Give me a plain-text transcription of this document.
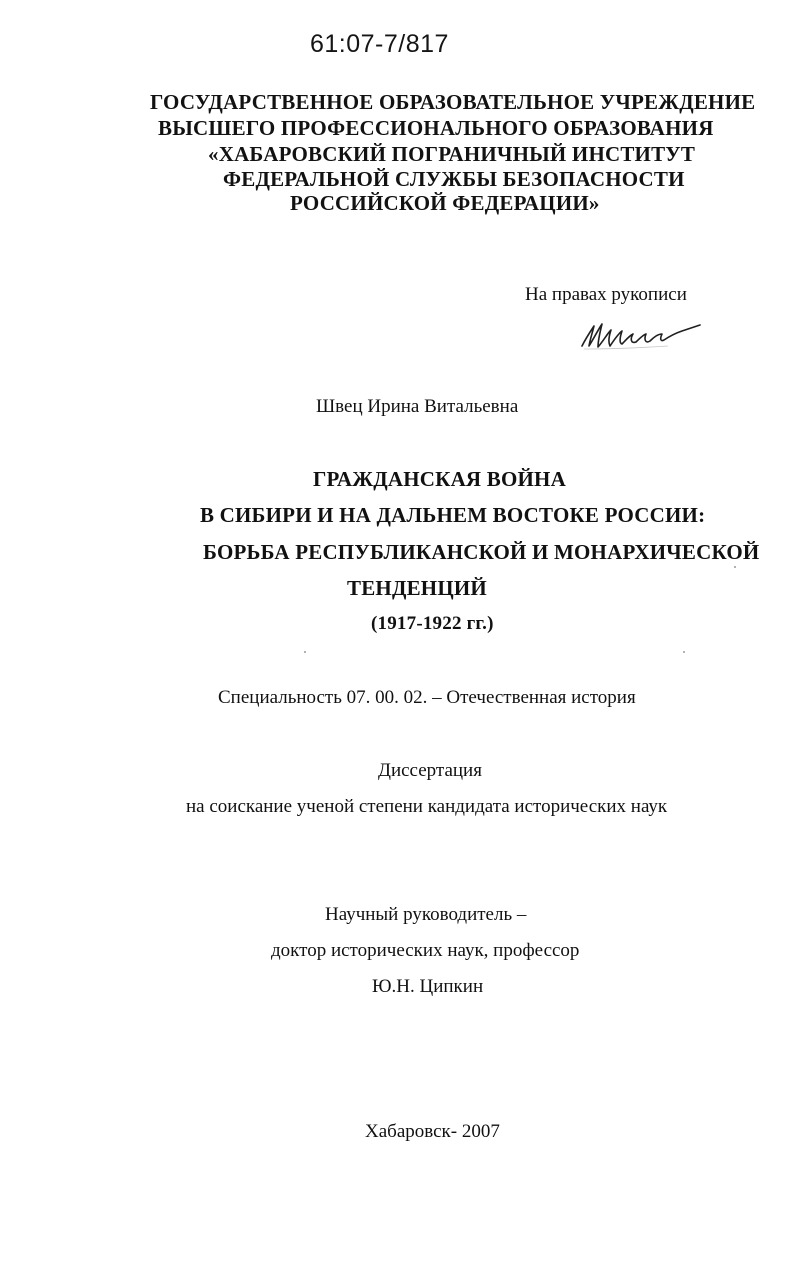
61:07-7/817
ГОСУДАРСТВЕННОЕ ОБРАЗОВАТЕЛЬНОЕ УЧРЕЖДЕНИЕ
ВЫСШЕГО ПРОФЕССИОНАЛЬНОГО ОБРАЗОВАНИЯ
«ХАБАРОВСКИЙ ПОГРАНИЧНЫЙ ИНСТИТУТ
ФЕДЕРАЛЬНОЙ СЛУЖБЫ БЕЗОПАСНОСТИ
РОССИЙСКОЙ ФЕДЕРАЦИИ»
На правах рукописи
Швец Ирина Витальевна
ГРАЖДАНСКАЯ ВОЙНА
В СИБИРИ И НА ДАЛЬНЕМ ВОСТОКЕ РОССИИ:
БОРЬБА РЕСПУБЛИКАНСКОЙ И МОНАРХИЧЕСКОЙ
ТЕНДЕНЦИЙ
(1917-1922 гг.)
Специальность 07. 00. 02. – Отечественная история
Диссертация
на соискание ученой степени кандидата исторических наук
Научный руководитель –
доктор исторических наук, профессор
Ю.Н. Ципкин
Хабаровск- 2007
